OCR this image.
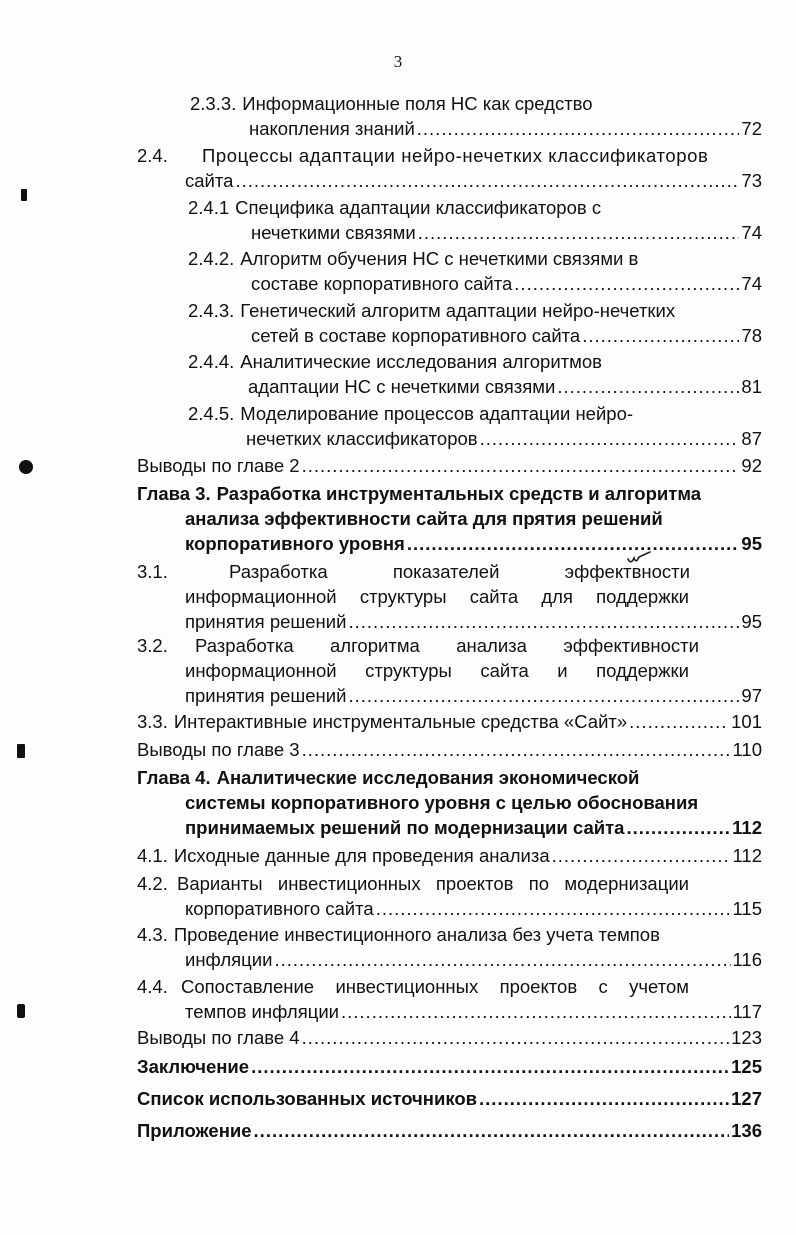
3
2.3.3. Информационные поля НС как средство
накопления знаний .....	72
2.4. Процессы адаптации нейро-нечетких классификаторов
сайта .....	73
2.4.1 Специфика адаптации классификаторов с
нечеткими связями .....	74
2.4.2. Алгоритм обучения НС с нечеткими связями в
составе корпоративного сайта .....	74
2.4.3. Генетический алгоритм адаптации нейро-нечетких
сетей в составе корпоративного сайта .....	78
2.4.4. Аналитические исследования алгоритмов
адаптации НС с нечеткими связями .....	81
2.4.5. Моделирование процессов адаптации нейро-
нечетких классификаторов .....	87
Выводы по главе 2 .....	92
Глава 3. Разработка инструментальных средств и алгоритма
анализа эффективности сайта для прятия решений
корпоративного уровня .....	95
3.1.	Разработка показателей эффектвности
информационной структуры сайта для поддержки
принятия решений .....	95
3.2.	Разработка алгоритма анализа эффективности
информационной структуры сайта и поддержки
принятия решений .....	97
3.3. Интерактивные инструментальные средства «Сайт» .....	101
Выводы по главе 3 .....	110
Глава 4. Аналитические исследования экономической
системы корпоративного уровня с целью обоснования
принимаемых решений по модернизации сайта .....	112
4.1. Исходные данные для проведения анализа .....	112
4.2. Варианты инвестиционных проектов по модернизации
корпоративного сайта .....	115
4.3. Проведение инвестиционного анализа без учета темпов
инфляции .....	116
4.4. Сопоставление инвестиционных проектов с учетом
темпов инфляции .....	117
Выводы по главе 4 .....	123
Заключение .....	125
Список использованных источников .....	127
Приложение .....	136
